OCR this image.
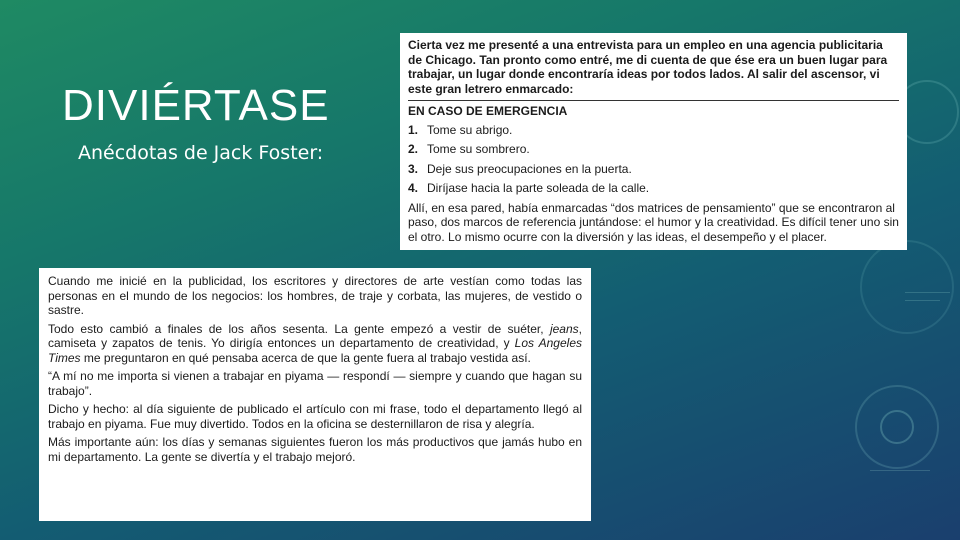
DIVIÉRTASE
Anécdotas de Jack Foster:

Cierta vez me presenté a una entrevista para un empleo en una agencia publicitaria de Chicago. Tan pronto como entré, me di cuenta de que ése era un buen lugar para trabajar, un lugar donde encontraría ideas por todos lados. Al salir del ascensor, vi este gran letrero enmarcado:

EN CASO DE EMERGENCIA

1. Tome su abrigo.
2. Tome su sombrero.
3. Deje sus preocupaciones en la puerta.
4. Diríjase hacia la parte soleada de la calle.

Allí, en esa pared, había enmarcadas “dos matrices de pensamiento” que se encontraron al paso, dos marcos de referencia juntándose: el humor y la creatividad. Es difícil tener uno sin el otro. Lo mismo ocurre con la diversión y las ideas, el desempeño y el placer.

Cuando me inicié en la publicidad, los escritores y directores de arte vestían como todas las personas en el mundo de los negocios: los hombres, de traje y corbata, las mujeres, de vestido o sastre.

Todo esto cambió a finales de los años sesenta. La gente empezó a vestir de suéter, jeans, camiseta y zapatos de tenis. Yo dirigía entonces un departamento de creatividad, y Los Angeles Times me preguntaron en qué pensaba acerca de que la gente fuera al trabajo vestida así.

“A mí no me importa si vienen a trabajar en piyama — respondí — siempre y cuando que hagan su trabajo”.

Dicho y hecho: al día siguiente de publicado el artículo con mi frase, todo el departamento llegó al trabajo en piyama. Fue muy divertido. Todos en la oficina se desternillaron de risa y alegría.

Más importante aún: los días y semanas siguientes fueron los más productivos que jamás hubo en mi departamento. La gente se divertía y el trabajo mejoró.
